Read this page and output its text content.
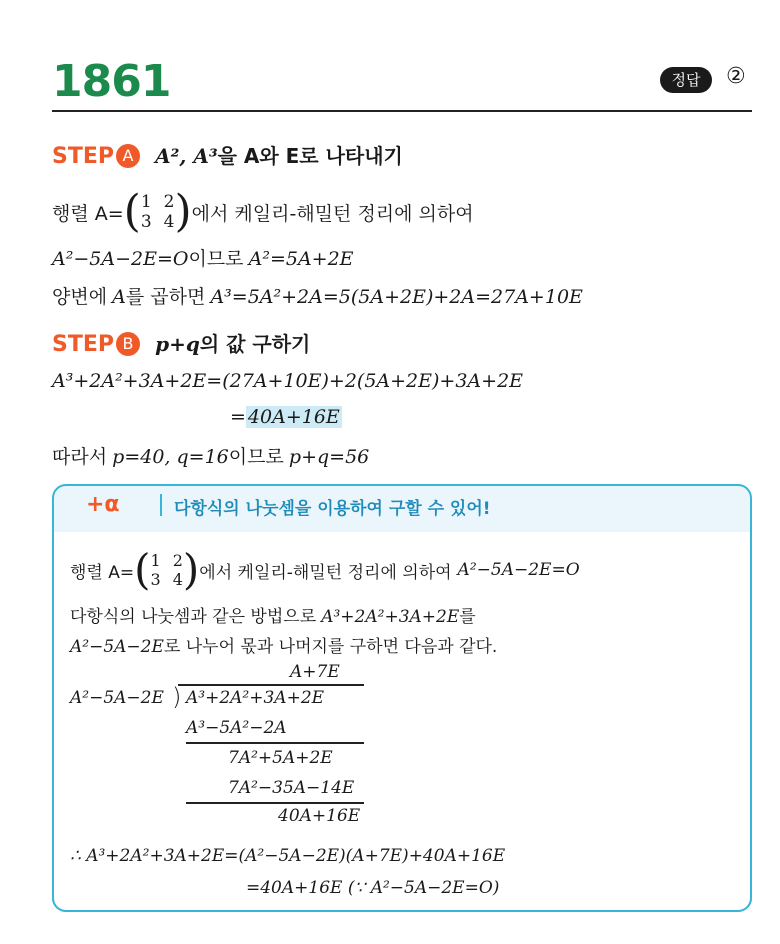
1861	정답	②
STEP A A², A³을 A와 E로 나타내기
행렬 A= ( 1 2
3 4 ) 에서 케일리-해밀턴 정리에 의하여
A²−5A−2E=O이므로 A²=5A+2E
양변에 A를 곱하면 A³=5A²+2A=5(5A+2E)+2A=27A+10E
STEP B p+q의 값 구하기
A³+2A²+3A+2E=(27A+10E)+2(5A+2E)+3A+2E
= 40A+16E
따라서 p=40, q=16이므로 p+q=56
+α	다항식의 나눗셈을 이용하여 구할 수 있어!
행렬 A= ( 1 2
3 4 ) 에서 케일리-해밀턴 정리에 의하여 A²−5A−2E=O
다항식의 나눗셈과 같은 방법으로 A³+2A²+3A+2E를
A²−5A−2E로 나누어 몫과 나머지를 구하면 다음과 같다.
A+7E
A²−5A−2E ) A³+2A²+3A+2E
A³−5A²−2A
7A²+5A+2E
7A²−35A−14E
40A+16E
∴ A³+2A²+3A+2E=(A²−5A−2E)(A+7E)+40A+16E
=40A+16E (∵ A²−5A−2E=O)
